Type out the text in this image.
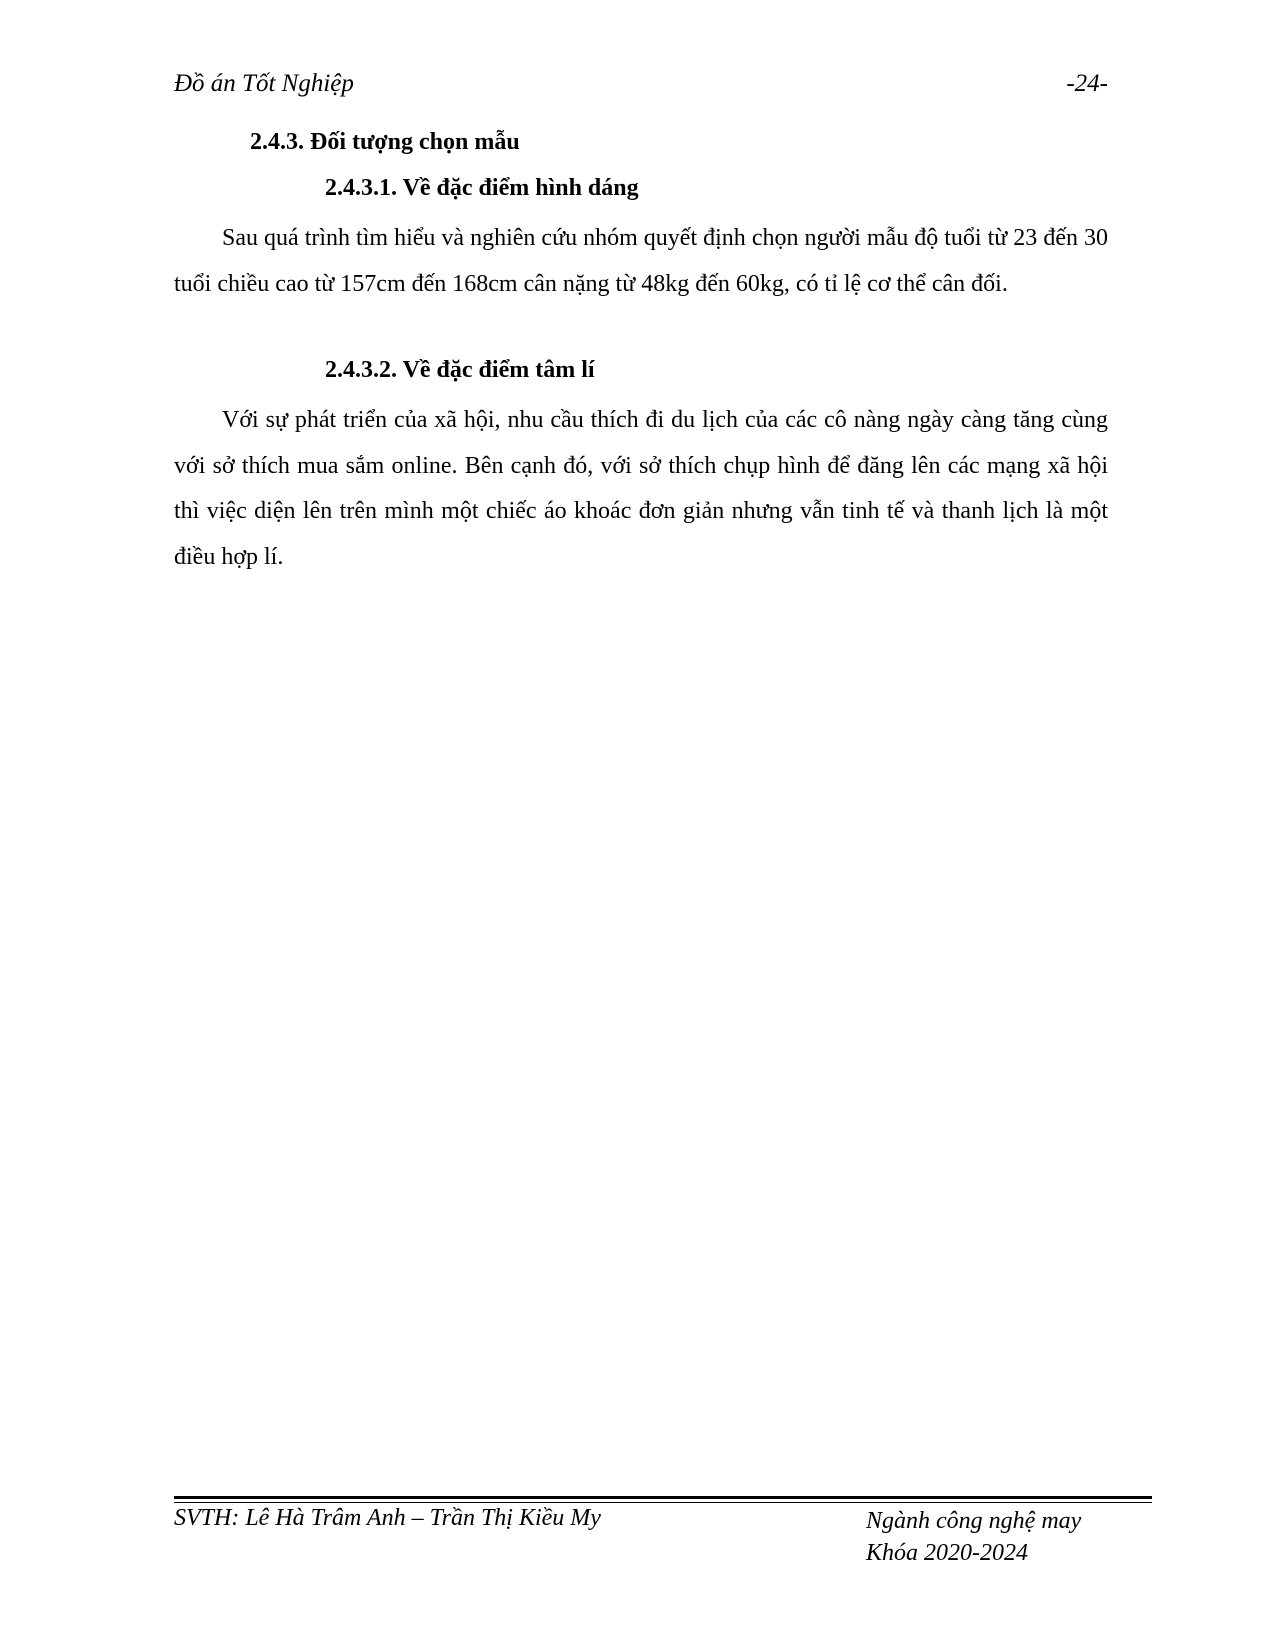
Đồ án Tốt Nghiệp	-24-
2.4.3. Đối tượng chọn mẫu
2.4.3.1. Về đặc điểm hình dáng

Sau quá trình tìm hiểu và nghiên cứu nhóm quyết định chọn người mẫu độ tuổi từ 23 đến 30 tuổi chiều cao từ 157cm đến 168cm cân nặng từ 48kg đến 60kg, có tỉ lệ cơ thể cân đối.

2.4.3.2. Về đặc điểm tâm lí

Với sự phát triển của xã hội, nhu cầu thích đi du lịch của các cô nàng ngày càng tăng cùng với sở thích mua sắm online. Bên cạnh đó, với sở thích chụp hình để đăng lên các mạng xã hội thì việc diện lên trên mình một chiếc áo khoác đơn giản nhưng vẫn tinh tế và thanh lịch là một điều hợp lí.

SVTH: Lê Hà Trâm Anh – Trần Thị Kiều My	Ngành công nghệ may
Khóa 2020-2024
